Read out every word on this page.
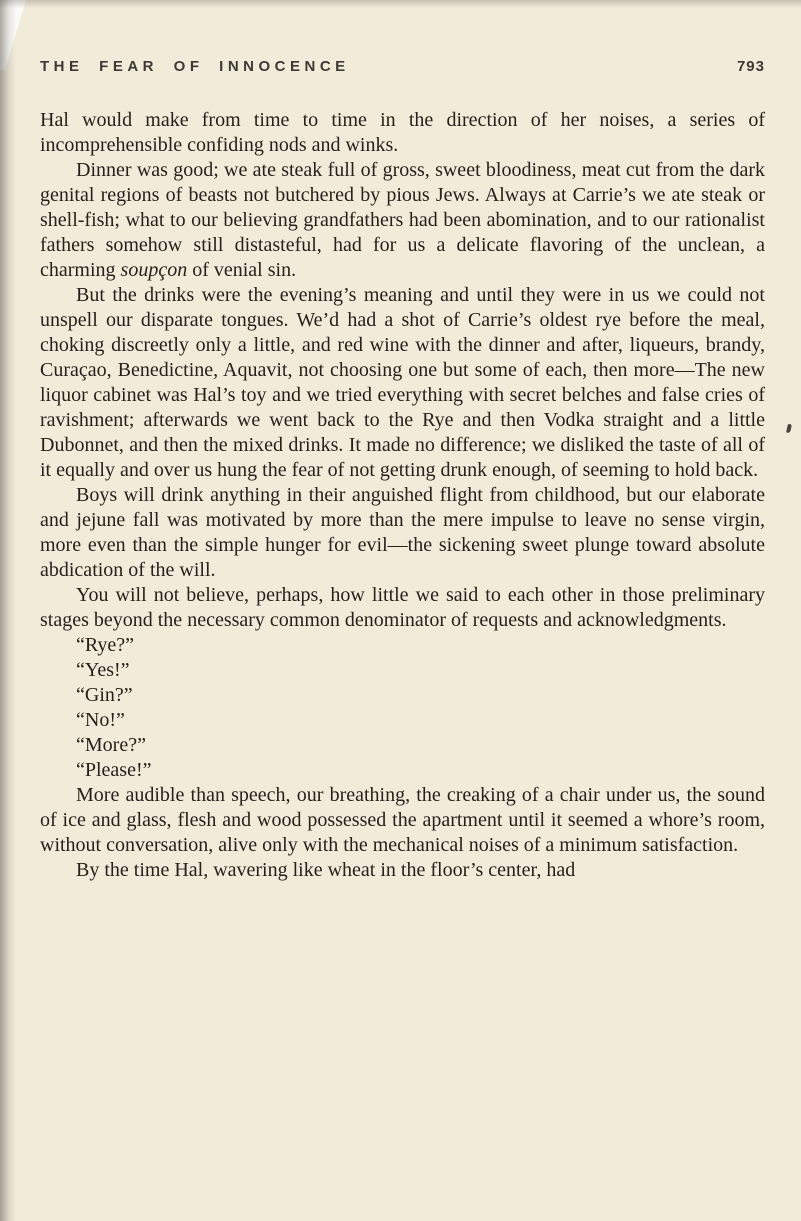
THE FEAR OF INNOCENCE	793

Hal would make from time to time in the direction of her noises, a series of incomprehensible confiding nods and winks.

Dinner was good; we ate steak full of gross, sweet bloodiness, meat cut from the dark genital regions of beasts not butchered by pious Jews. Always at Carrie’s we ate steak or shell-fish; what to our believing grandfathers had been abomination, and to our rationalist fathers somehow still distasteful, had for us a delicate flavoring of the unclean, a charming soupçon of venial sin.

But the drinks were the evening’s meaning and until they were in us we could not unspell our disparate tongues. We’d had a shot of Carrie’s oldest rye before the meal, choking discreetly only a little, and red wine with the dinner and after, liqueurs, brandy, Curaçao, Benedictine, Aquavit, not choosing one but some of each, then more—The new liquor cabinet was Hal’s toy and we tried everything with secret belches and false cries of ravishment; afterwards we went back to the Rye and then Vodka straight and a little Dubonnet, and then the mixed drinks. It made no difference; we disliked the taste of all of it equally and over us hung the fear of not getting drunk enough, of seeming to hold back.

Boys will drink anything in their anguished flight from childhood, but our elaborate and jejune fall was motivated by more than the mere impulse to leave no sense virgin, more even than the simple hunger for evil—the sickening sweet plunge toward absolute abdication of the will.

You will not believe, perhaps, how little we said to each other in those preliminary stages beyond the necessary common denominator of requests and acknowledgments.

“Rye?”

“Yes!”

“Gin?”

“No!”

“More?”

“Please!”

More audible than speech, our breathing, the creaking of a chair under us, the sound of ice and glass, flesh and wood possessed the apartment until it seemed a whore’s room, without conversation, alive only with the mechanical noises of a minimum satisfaction.

By the time Hal, wavering like wheat in the floor’s center, had
